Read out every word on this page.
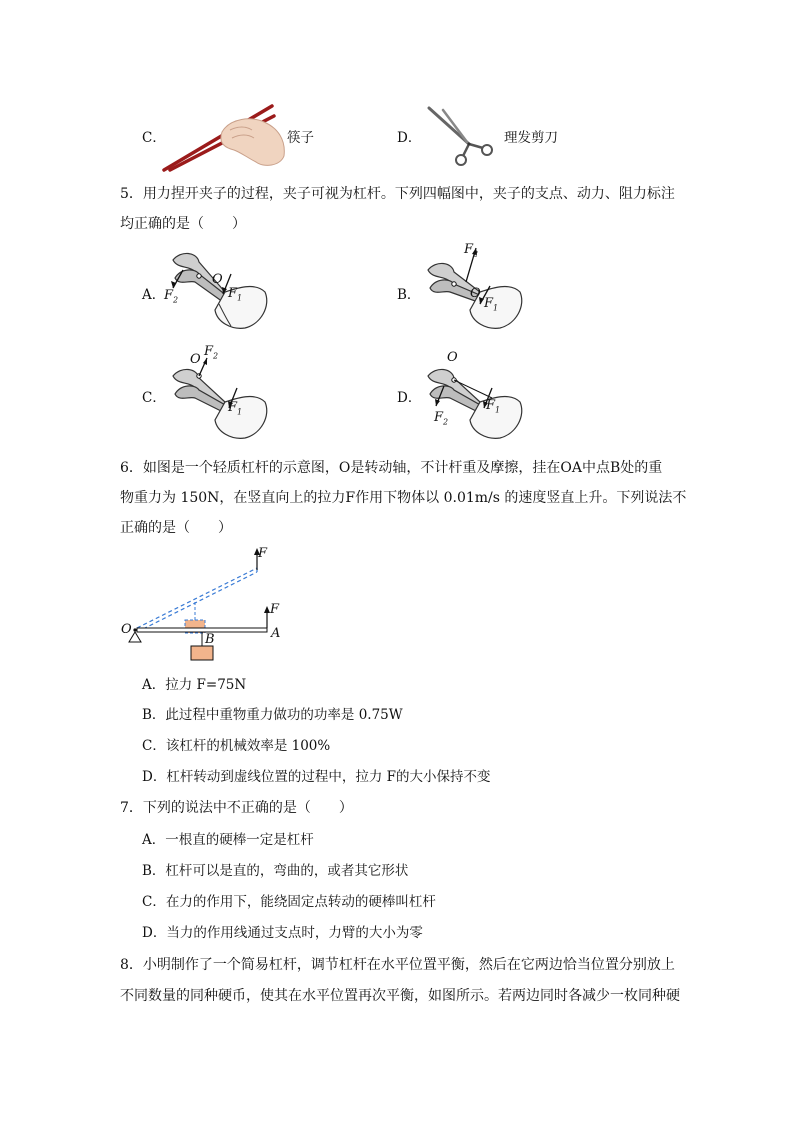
C．	筷子	D．	理发剪刀
5．用力捏开夹子的过程，夹子可视为杠杆。下列四幅图中，夹子的支点、动力、阻力标注
均正确的是（　　）
A．
$F_2$
O
$F_1$	B．
$F_2$
O
$F_1$
C．
O
$F_2$
$F_1$
D．
O
$F_2$
$F_1$
6．如图是一个轻质杠杆的示意图，O是转动轴，不计杆重及摩擦，挂在OA中点B处的重
物重力为 150N，在竖直向上的拉力F作用下物体以 0.01m/s 的速度竖直上升。下列说法不
正确的是（　　）
F
F
O	A
B
A．拉力 F=75N
B．此过程中重物重力做功的功率是 0.75W
C．该杠杆的机械效率是 100%
D．杠杆转动到虚线位置的过程中，拉力 F的大小保持不变
7．下列的说法中不正确的是（　　）
A．一根直的硬棒一定是杠杆
B．杠杆可以是直的，弯曲的，或者其它形状
C．在力的作用下，能绕固定点转动的硬棒叫杠杆
D．当力的作用线通过支点时，力臂的大小为零
8．小明制作了一个简易杠杆，调节杠杆在水平位置平衡，然后在它两边恰当位置分别放上
不同数量的同种硬币，使其在水平位置再次平衡，如图所示。若两边同时各减少一枚同种硬
